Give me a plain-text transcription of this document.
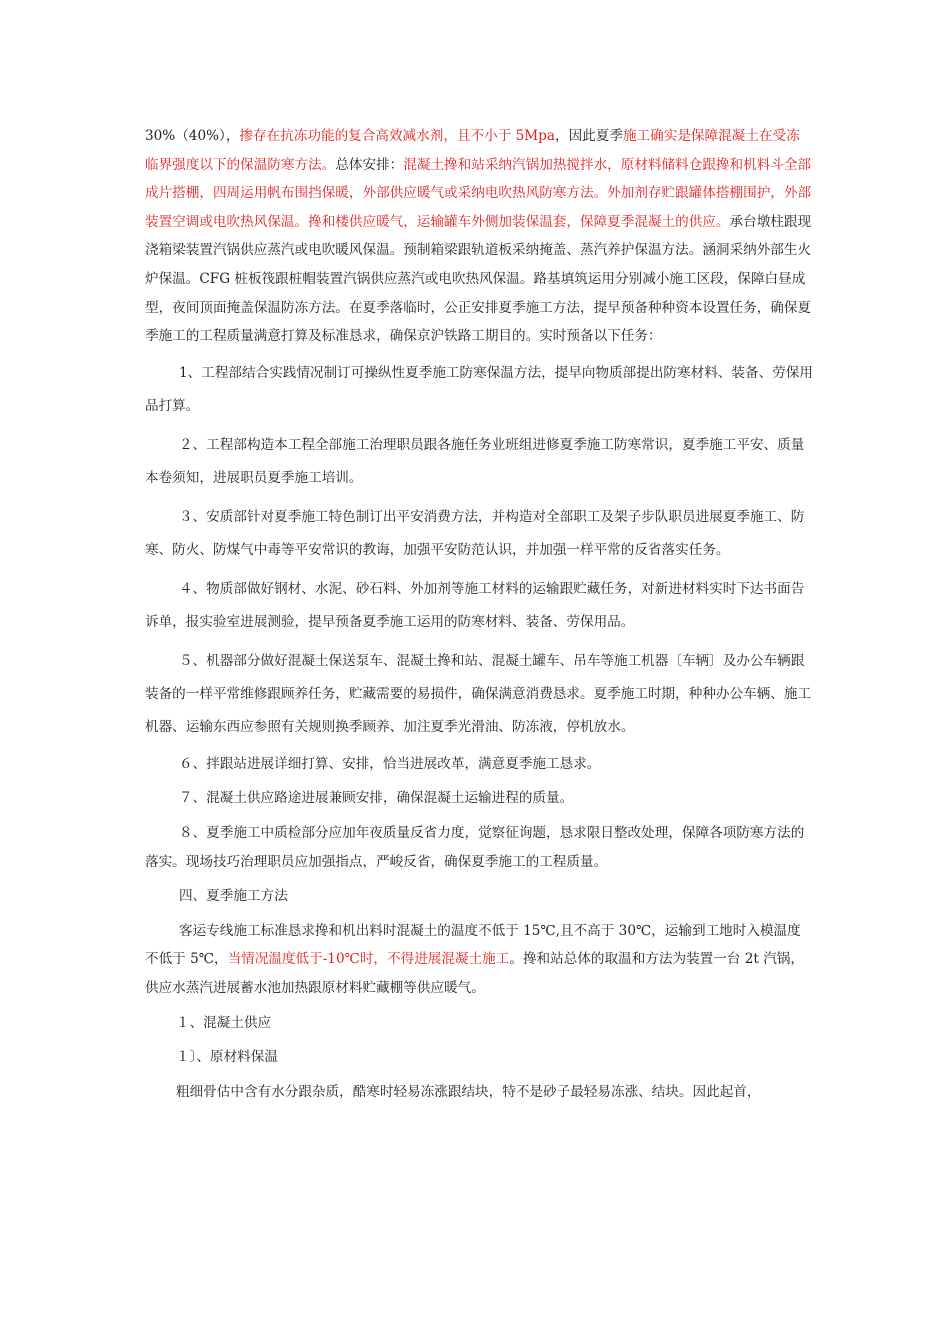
30%（40%），掺存在抗冻功能的复合高效减水剂，且不小于 5Mpa，因此夏季施工确实是保障混凝土在受冻临界强度以下的保温防寒方法。总体安排：混凝土搀和站采纳汽锅加热搅拌水，原材料储料仓跟搀和机料斗全部成片搭棚，四周运用帆布围挡保暖，外部供应暖气或采纳电吹热风防寒方法。外加剂存贮跟罐体搭棚围护，外部装置空调或电吹热风保温。搀和楼供应暖气，运输罐车外侧加装保温套，保障夏季混凝土的供应。承台墩柱跟现浇箱梁装置汽锅供应蒸汽或电吹暖风保温。预制箱梁跟轨道板采纳掩盖、蒸汽养护保温方法。涵洞采纳外部生火炉保温。CFG 桩板筏跟桩帽装置汽锅供应蒸汽或电吹热风保温。路基填筑运用分别减小施工区段，保障白昼成型，夜间顶面掩盖保温防冻方法。在夏季落临时，公正安排夏季施工方法，提早预备种种资本设置任务，确保夏季施工的工程质量满意打算及标准恳求，确保京沪铁路工期目的。实时预备以下任务：

1、工程部结合实践情况制订可操纵性夏季施工防寒保温方法，提早向物质部提出防寒材料、装备、劳保用品打算。

２、工程部构造本工程全部施工治理职员跟各施任务业班组进修夏季施工防寒常识，夏季施工平安、质量本卷须知，进展职员夏季施工培训。

３、安质部针对夏季施工特色制订出平安消费方法，并构造对全部职工及架子步队职员进展夏季施工、防寒、防火、防煤气中毒等平安常识的教诲，加强平安防范认识，并加强一样平常的反省落实任务。

４、物质部做好钢材、水泥、砂石料、外加剂等施工材料的运输跟贮藏任务，对新进材料实时下达书面告诉单，报实验室进展测验，提早预备夏季施工运用的防寒材料、装备、劳保用品。

５、机器部分做好混凝土保送泵车、混凝土搀和站、混凝土罐车、吊车等施工机器〔车辆〕及办公车辆跟装备的一样平常维修跟顾养任务，贮藏需要的易损件，确保满意消费恳求。夏季施工时期，种种办公车辆、施工机器、运输东西应参照有关规则换季顾养、加注夏季光滑油、防冻液，停机放水。

６、拌跟站进展详细打算、安排，恰当进展改革，满意夏季施工恳求。

７、混凝土供应路途进展兼顾安排，确保混凝土运输进程的质量。

８、夏季施工中质检部分应加年夜质量反省力度，觉察征询题，恳求限日整改处理，保障各项防寒方法的落实。现场技巧治理职员应加强指点，严峻反省，确保夏季施工的工程质量。

四、夏季施工方法

客运专线施工标准恳求搀和机出料时混凝土的温度不低于 15℃,且不高于 30℃，运输到工地时入模温度不低于 5℃，当情况温度低于-10℃时，不得进展混凝土施工。搀和站总体的取温和方法为装置一台 2t 汽锅，供应水蒸汽进展蓄水池加热跟原材料贮藏棚等供应暖气。

１、混凝土供应

１〕、原材料保温

粗细骨估中含有水分跟杂质，酷寒时轻易冻涨跟结块，特不是砂子最轻易冻涨、结块。因此起首，
